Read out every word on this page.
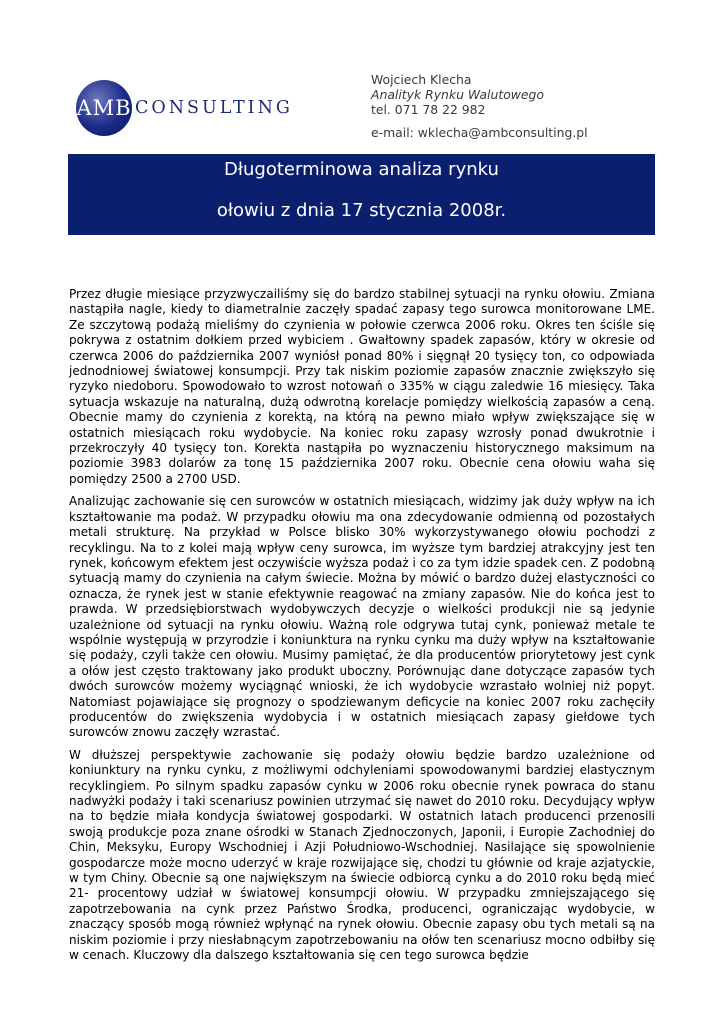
AMB CONSULTING
Wojciech Klecha
Analityk Rynku Walutowego
tel. 071 78 22 982
e-mail: wklecha@ambconsulting.pl
Długoterminowa analiza rynku
ołowiu z dnia 17 stycznia 2008r.

Przez długie miesiące przyzwyczailiśmy się do bardzo stabilnej sytuacji na rynku ołowiu. Zmiana nastąpiła nagle, kiedy to diametralnie zaczęły spadać zapasy tego surowca monitorowane LME. Ze szczytową podażą mieliśmy do czynienia w połowie czerwca 2006 roku. Okres ten ściśle się pokrywa z ostatnim dołkiem przed wybiciem . Gwałtowny spadek zapasów, który w okresie od czerwca 2006 do października 2007 wyniósł ponad 80% i sięgnął 20 tysięcy ton, co odpowiada jednodniowej światowej konsumpcji. Przy tak niskim poziomie zapasów znacznie zwiększyło się ryzyko niedoboru. Spowodowało to wzrost notowań o 335% w ciągu zaledwie 16 miesięcy. Taka sytuacja wskazuje na naturalną, dużą odwrotną korelacje pomiędzy wielkością zapasów a ceną. Obecnie mamy do czynienia z korektą, na którą na pewno miało wpływ zwiększające się w ostatnich miesiącach roku wydobycie. Na koniec roku zapasy wzrosły ponad dwukrotnie i przekroczyły 40 tysięcy ton. Korekta nastąpiła po wyznaczeniu historycznego maksimum na poziomie 3983 dolarów za tonę 15 października 2007 roku. Obecnie cena ołowiu waha się pomiędzy 2500 a 2700 USD.

Analizując zachowanie się cen surowców w ostatnich miesiącach, widzimy jak duży wpływ na ich kształtowanie ma podaż. W przypadku ołowiu ma ona zdecydowanie odmienną od pozostałych metali strukturę. Na przykład w Polsce blisko 30% wykorzystywanego ołowiu pochodzi z recyklingu. Na to z kolei mają wpływ ceny surowca, im wyższe tym bardziej atrakcyjny jest ten rynek, końcowym efektem jest oczywiście wyższa podaż i co za tym idzie spadek cen. Z podobną sytuacją mamy do czynienia na całym świecie. Można by mówić o bardzo dużej elastyczności co oznacza, że rynek jest w stanie efektywnie reagować na zmiany zapasów. Nie do końca jest to prawda. W przedsiębiorstwach wydobywczych decyzje o wielkości produkcji nie są jedynie uzależnione od sytuacji na rynku ołowiu. Ważną role odgrywa tutaj cynk, ponieważ metale te wspólnie występują w przyrodzie i koniunktura na rynku cynku ma duży wpływ na kształtowanie się podaży, czyli także cen ołowiu. Musimy pamiętać, że dla producentów priorytetowy jest cynk a ołów jest często traktowany jako produkt uboczny. Porównując dane dotyczące zapasów tych dwóch surowców możemy wyciągnąć wnioski, że ich wydobycie wzrastało wolniej niż popyt. Natomiast pojawiające się prognozy o spodziewanym deficycie na koniec 2007 roku zachęciły producentów do zwiększenia wydobycia i w ostatnich miesiącach zapasy giełdowe tych surowców znowu zaczęły wzrastać.

W dłuższej perspektywie zachowanie się podaży ołowiu będzie bardzo uzależnione od koniunktury na rynku cynku, z możliwymi odchyleniami spowodowanymi bardziej elastycznym recyklingiem. Po silnym spadku zapasów cynku w 2006 roku obecnie rynek powraca do stanu nadwyżki podaży i taki scenariusz powinien utrzymać się nawet do 2010 roku. Decydujący wpływ na to będzie miała kondycja światowej gospodarki. W ostatnich latach producenci przenosili swoją produkcje poza znane ośrodki w Stanach Zjednoczonych, Japonii, i Europie Zachodniej do Chin, Meksyku, Europy Wschodniej i Azji Południowo-Wschodniej. Nasilające się spowolnienie gospodarcze może mocno uderzyć w kraje rozwijające się, chodzi tu głównie od kraje azjatyckie, w tym Chiny. Obecnie są one największym na świecie odbiorcą cynku a do 2010 roku będą mieć 21- procentowy udział w światowej konsumpcji ołowiu. W przypadku zmniejszającego się zapotrzebowania na cynk przez Państwo Środka, producenci, ograniczając wydobycie, w znaczący sposób mogą również wpłynąć na rynek ołowiu. Obecnie zapasy obu tych metali są na niskim poziomie i przy niesłabnącym zapotrzebowaniu na ołów ten scenariusz mocno odbiłby się w cenach. Kluczowy dla dalszego kształtowania się cen tego surowca będzie
